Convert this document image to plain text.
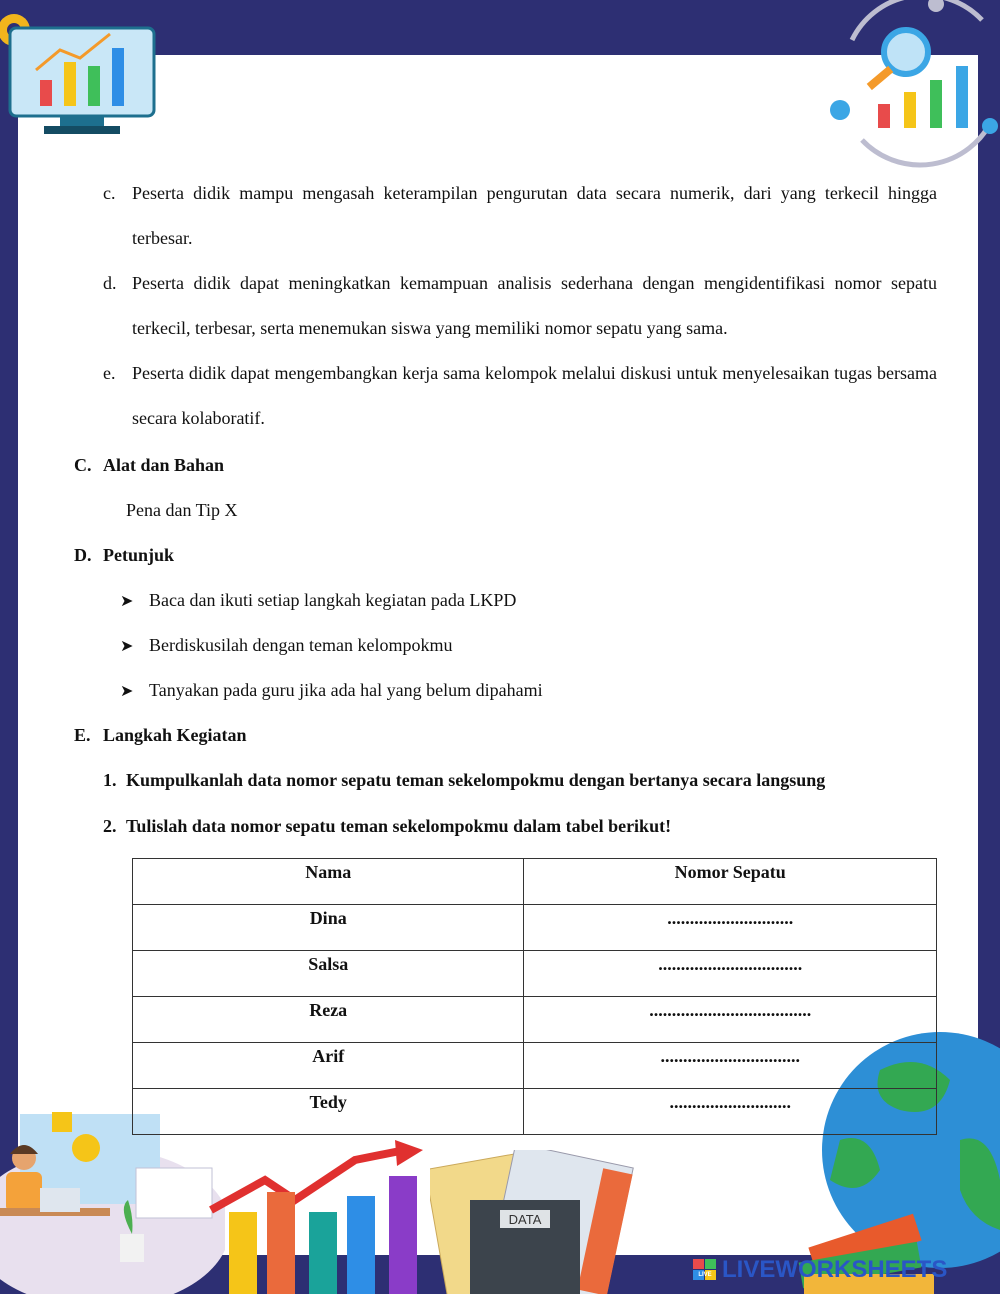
DATA
c. Peserta didik mampu mengasah keterampilan pengurutan data secara numerik, dari yang terkecil hingga terbesar.
d. Peserta didik dapat meningkatkan kemampuan analisis sederhana dengan mengidentifikasi nomor sepatu terkecil, terbesar, serta menemukan siswa yang memiliki nomor sepatu yang sama.
e. Peserta didik dapat mengembangkan kerja sama kelompok melalui diskusi untuk menyelesaikan tugas bersama secara kolaboratif.
C. Alat dan Bahan
Pena dan Tip X
D. Petunjuk
➤ Baca dan ikuti setiap langkah kegiatan pada LKPD
➤ Berdiskusilah dengan teman kelompokmu
➤ Tanyakan pada guru jika ada hal yang belum dipahami
E. Langkah Kegiatan
1. Kumpulkanlah data nomor sepatu teman sekelompokmu dengan bertanya secara langsung
2. Tulislah data nomor sepatu teman sekelompokmu dalam tabel berikut!
Nama	Nomor Sepatu
Dina	............................
Salsa	................................
Reza	....................................
Arif	...............................
Tedy	...........................
LIVE LIVEWORKSHEETS
